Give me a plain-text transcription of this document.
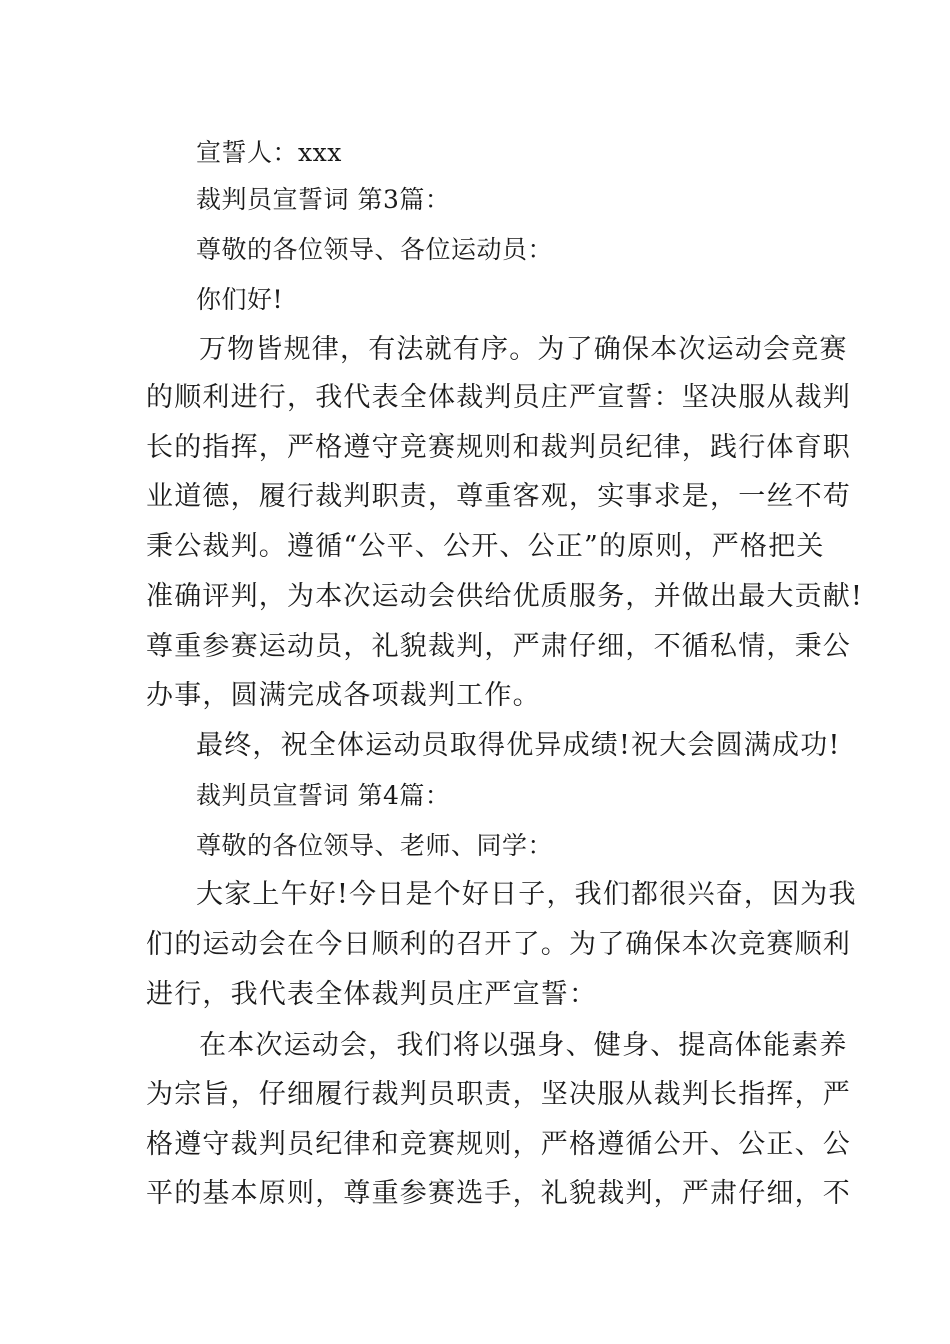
宣誓人：xxx
裁判员宣誓词 第3篇：
尊敬的各位领导、各位运动员：
你们好!
万物皆规律，有法就有序。为了确保本次运动会竞赛
的顺利进行，我代表全体裁判员庄严宣誓：坚决服从裁判
长的指挥，严格遵守竞赛规则和裁判员纪律，践行体育职
业道德，履行裁判职责，尊重客观，实事求是，一丝不苟
秉公裁判。遵循“公平、公开、公正”的原则，严格把关
准确评判，为本次运动会供给优质服务，并做出最大贡献!
尊重参赛运动员，礼貌裁判，严肃仔细，不循私情，秉公
办事，圆满完成各项裁判工作。
最终，祝全体运动员取得优异成绩!祝大会圆满成功!
裁判员宣誓词 第4篇：
尊敬的各位领导、老师、同学：
大家上午好!今日是个好日子，我们都很兴奋，因为我
们的运动会在今日顺利的召开了。为了确保本次竞赛顺利
进行，我代表全体裁判员庄严宣誓：
在本次运动会，我们将以强身、健身、提高体能素养
为宗旨，仔细履行裁判员职责，坚决服从裁判长指挥，严
格遵守裁判员纪律和竞赛规则，严格遵循公开、公正、公
平的基本原则，尊重参赛选手，礼貌裁判，严肃仔细，不
